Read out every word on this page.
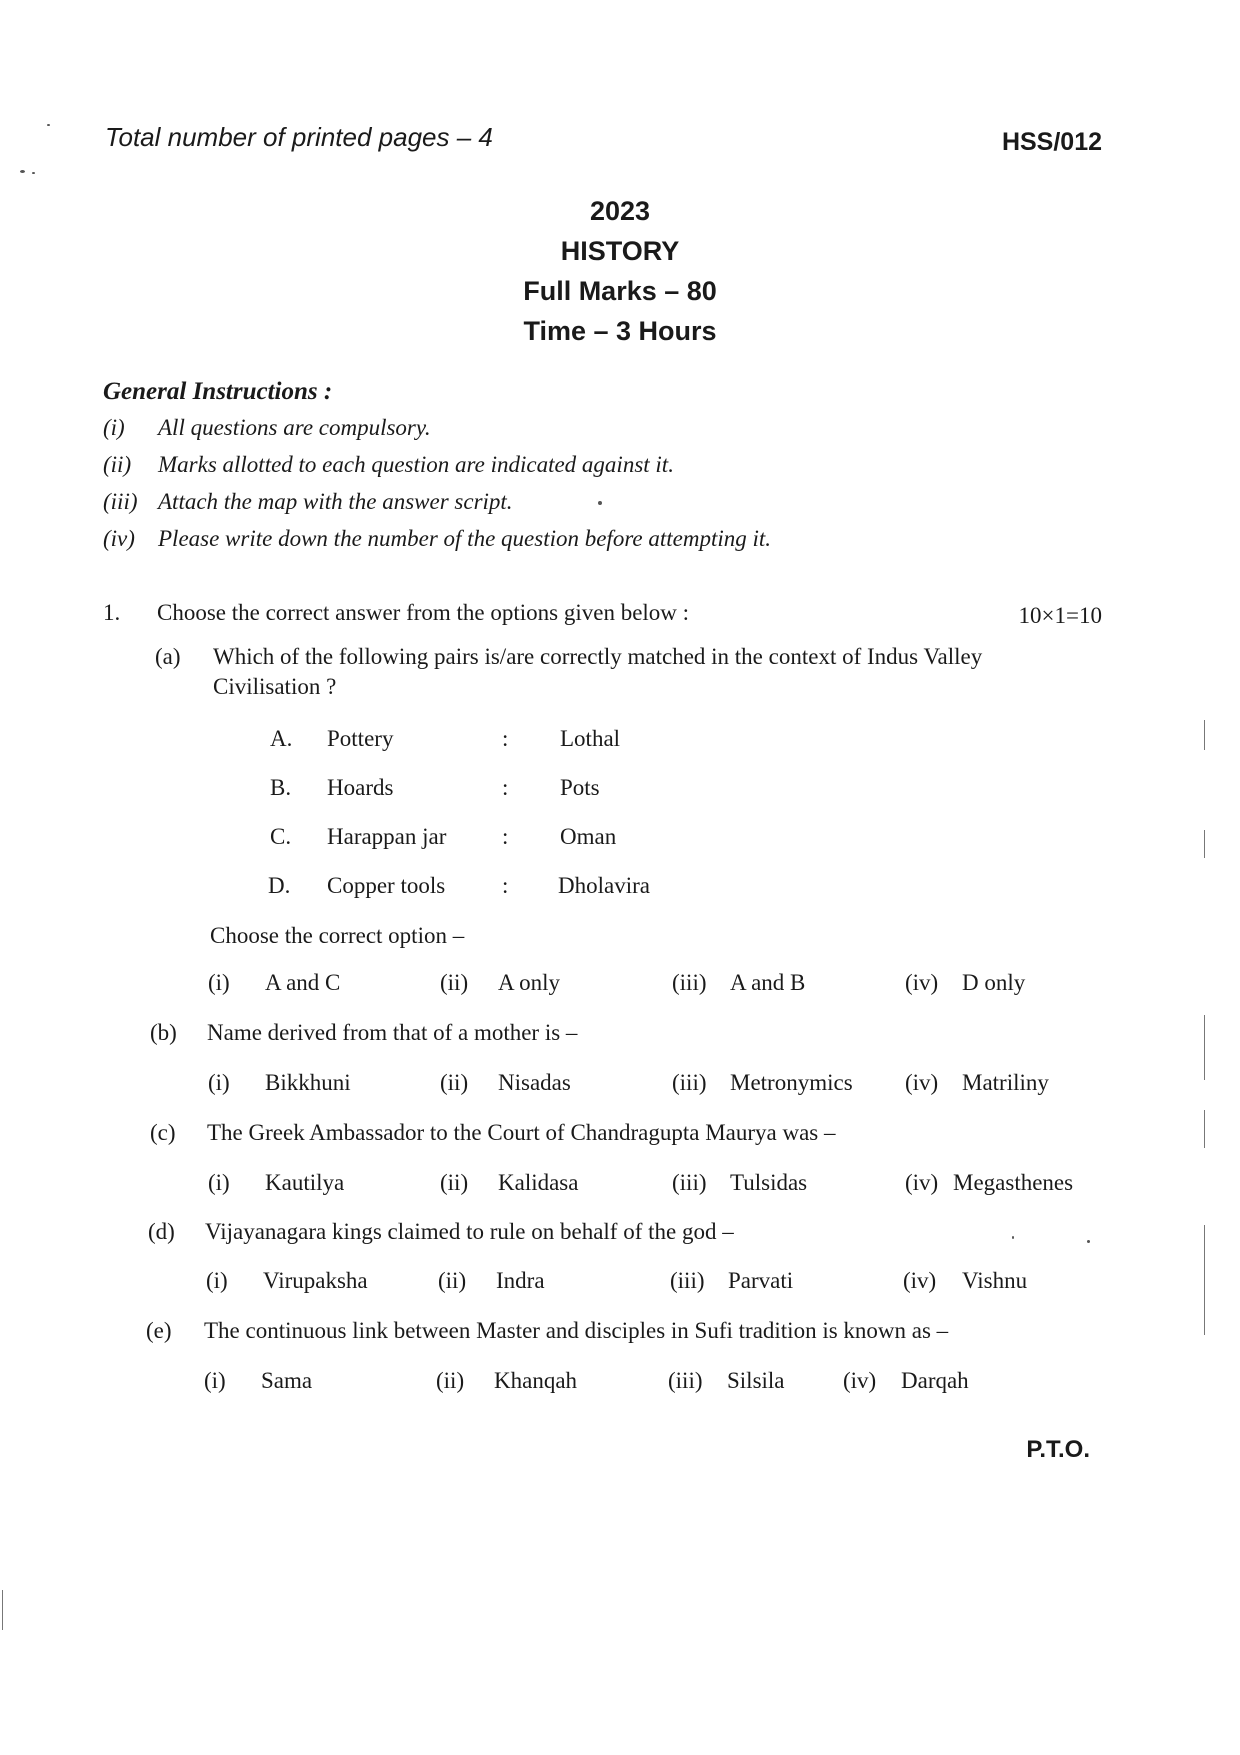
Total number of printed pages – 4	HSS/012
2023
HISTORY
Full Marks – 80
Time – 3 Hours
General Instructions :
(i) All questions are compulsory.
(ii) Marks allotted to each question are indicated against it.
(iii) Attach the map with the answer script.
(iv) Please write down the number of the question before attempting it.
1. Choose the correct answer from the options given below :	10×1=10
(a) Which of the following pairs is/are correctly matched in the context of Indus Valley
Civilisation ?
A. Pottery	: Lothal
B. Hoards	: Pots
C. Harappan jar : Oman
D. Copper tools : Dholavira
Choose the correct option –
(i) A and C	(ii) A only	(iii) A and B	(iv) D only
(b) Name derived from that of a mother is –
(i) Bikkhuni	(ii) Nisadas	(iii) Metronymics (iv) Matriliny
(c) The Greek Ambassador to the Court of Chandragupta Maurya was –
(i) Kautilya	(ii) Kalidasa	(iii) Tulsidas	(iv) Megasthenes
(d) Vijayanagara kings claimed to rule on behalf of the god –
(i) Virupaksha	(ii) Indra	(iii) Parvati	(iv) Vishnu
(e) The continuous link between Master and disciples in Sufi tradition is known as –
(i) Sama	(ii) Khanqah	(iii) Silsila	(iv) Darqah
P.T.O.
